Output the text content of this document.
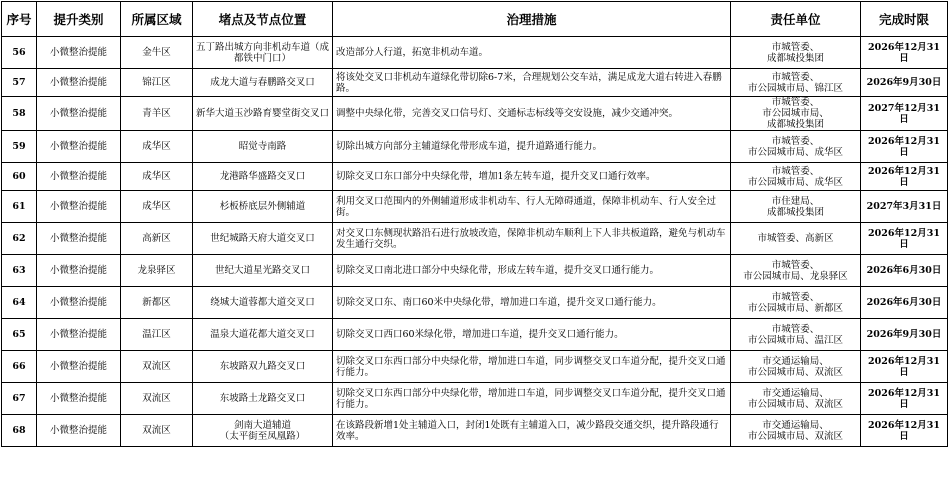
序号	提升类别	所属区域	堵点及节点位置	治理措施	责任单位	完成时限
56	小微整治提能	金牛区	五丁路出城方向非机动车道（成都铁中门口）	改造部分人行道，拓宽非机动车道。	市城管委、
成都城投集团	2026年12月31日
57	小微整治提能	锦江区	成龙大道与春鹏路交叉口	将该处交叉口非机动车道绿化带切除6-7米，合理规划公交车站，满足成龙大道右转进入春鹏路。	市城管委、
市公园城市局、锦江区	2026年9月30日
58	小微整治提能	青羊区	新华大道玉沙路育婴堂街交叉口	调整中央绿化带，完善交叉口信号灯、交通标志标线等交安设施，减少交通冲突。	市城管委、
市公园城市局、
成都城投集团	2027年12月31日
59	小微整治提能	成华区	昭觉寺南路	切除出城方向部分主辅道绿化带形成车道，提升道路通行能力。	市城管委、
市公园城市局、成华区	2026年12月31日
60	小微整治提能	成华区	龙港路华盛路交叉口	切除交叉口东口部分中央绿化带，增加1条左转车道，提升交叉口通行效率。	市城管委、
市公园城市局、成华区	2026年12月31日
61	小微整治提能	成华区	杉板桥底层外侧辅道	利用交叉口范围内的外侧辅道形成非机动车、行人无障碍通道，保障非机动车、行人安全过街。	市住建局、
成都城投集团	2027年3月31日
62	小微整治提能	高新区	世纪城路天府大道交叉口	对交叉口东侧现状路沿石进行放坡改造，保障非机动车顺利上下人非共板道路，避免与机动车发生通行交织。	市城管委、高新区	2026年12月31日
63	小微整治提能	龙泉驿区	世纪大道星光路交叉口	切除交叉口南北进口部分中央绿化带，形成左转车道，提升交叉口通行能力。	市城管委、
市公园城市局、龙泉驿区	2026年6月30日
64	小微整治提能	新都区	绕城大道蓉都大道交叉口	切除交叉口东、南口60米中央绿化带，增加进口车道，提升交叉口通行能力。	市城管委、
市公园城市局、新都区	2026年6月30日
65	小微整治提能	温江区	温泉大道花都大道交叉口	切除交叉口西口60米绿化带，增加进口车道，提升交叉口通行能力。	市城管委、
市公园城市局、温江区	2026年9月30日
66	小微整治提能	双流区	东坡路双九路交叉口	切除交叉口东西口部分中央绿化带，增加进口车道，同步调整交叉口车道分配，提升交叉口通行能力。	市交通运输局、
市公园城市局、双流区	2026年12月31日
67	小微整治提能	双流区	东坡路土龙路交叉口	切除交叉口东西口部分中央绿化带，增加进口车道，同步调整交叉口车道分配，提升交叉口通行能力。	市交通运输局、
市公园城市局、双流区	2026年12月31日
68	小微整治提能	双流区	剑南大道辅道
（太平街至凤凰路）	在该路段新增1处主辅道入口，封闭1处既有主辅道入口，减少路段交通交织，提升路段通行效率。	市交通运输局、
市公园城市局、双流区	2026年12月31日
